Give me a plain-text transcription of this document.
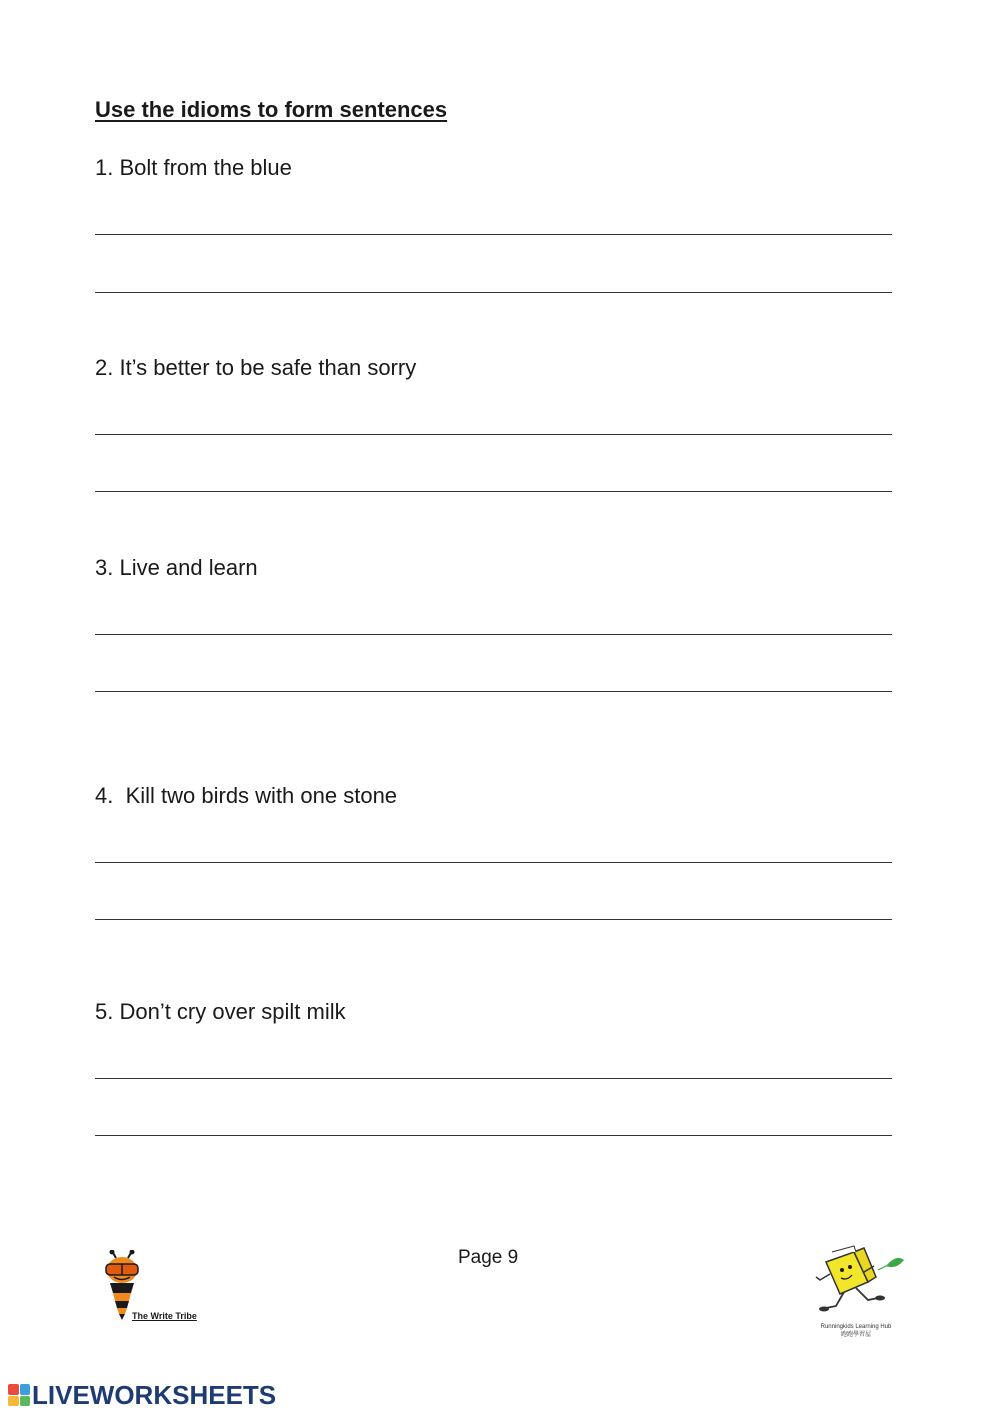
Use the idioms to form sentences
1. Bolt from the blue
2. It’s better to be safe than sorry
3. Live and learn
4.  Kill two birds with one stone
5. Don’t cry over spilt milk
Page 9
The Write Tribe
Runningkids Learning Hub
跑跑學習屋
LIVEWORKSHEETS
